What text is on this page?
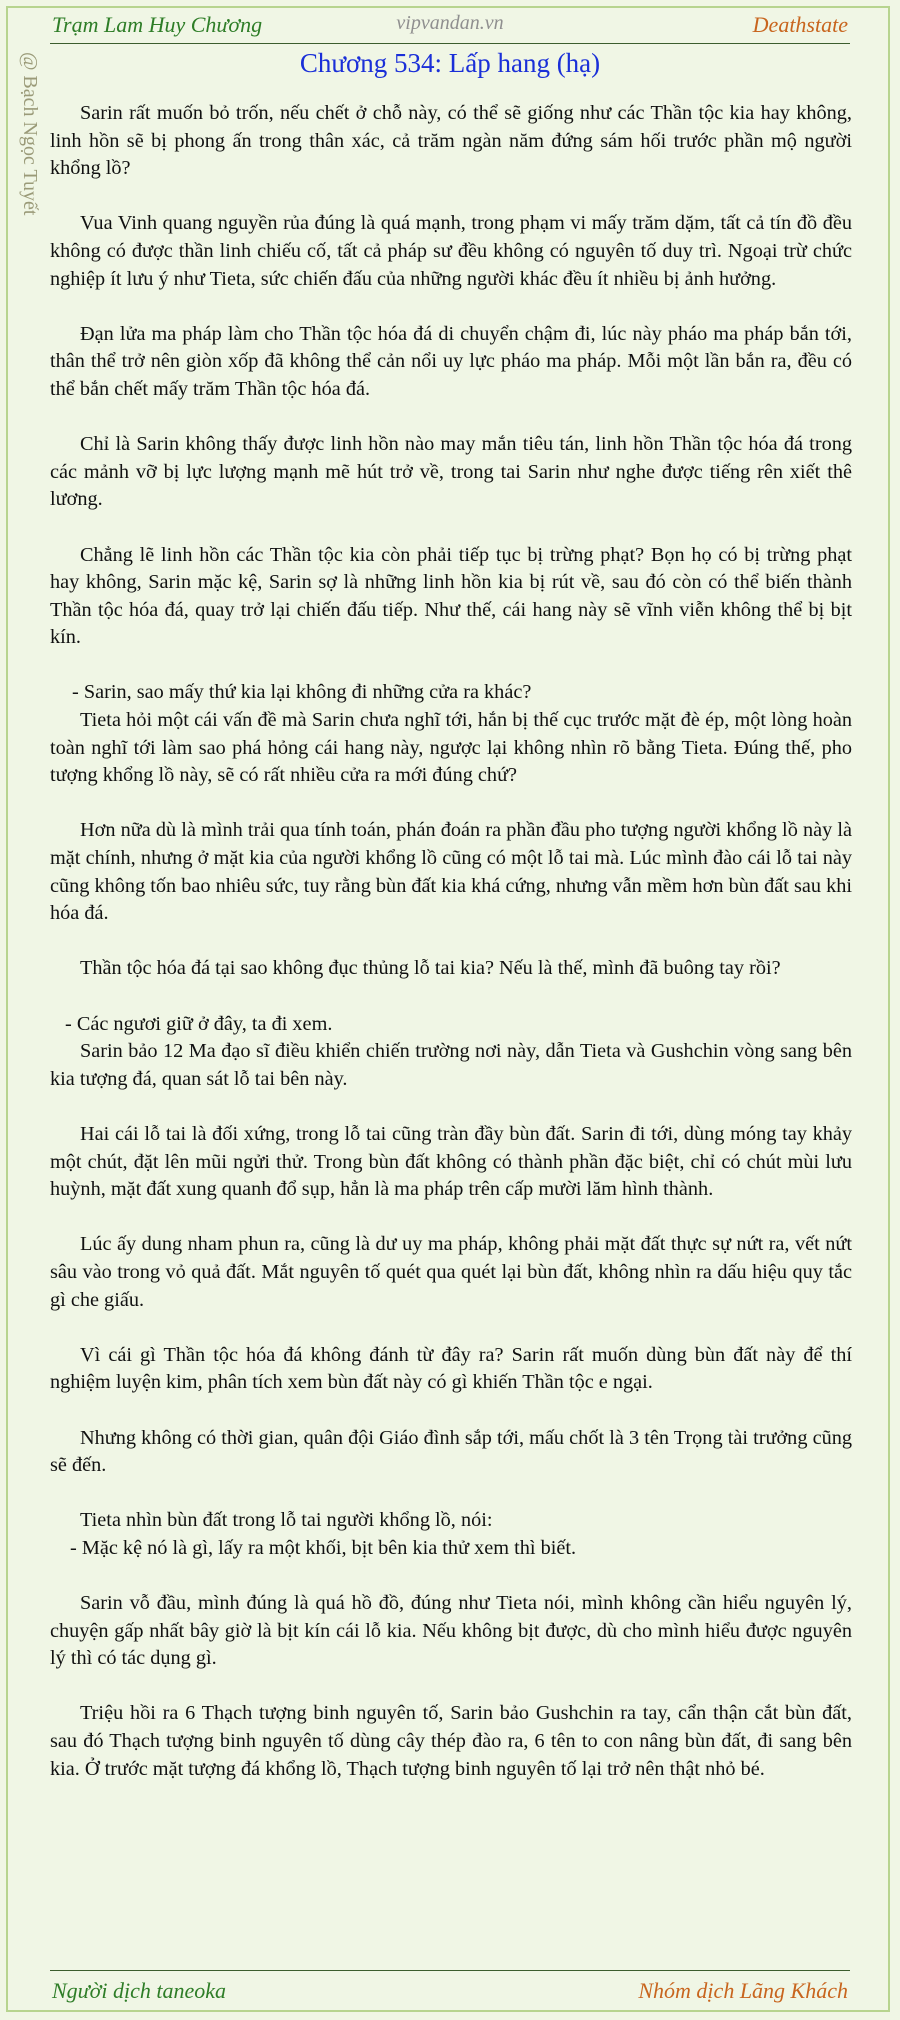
Trạm Lam Huy Chương	vipvandan.vn	Deathstate
@ Bạch Ngọc Tuyết	Chương 534: Lấp hang (hạ)

Sarin rất muốn bỏ trốn, nếu chết ở chỗ này, có thể sẽ giống như các Thần tộc kia hay không, linh hồn sẽ bị phong ấn trong thân xác, cả trăm ngàn năm đứng sám hối trước phần mộ người khổng lồ?

Vua Vinh quang nguyền rủa đúng là quá mạnh, trong phạm vi mấy trăm dặm, tất cả tín đồ đều không có được thần linh chiếu cố, tất cả pháp sư đều không có nguyên tố duy trì. Ngoại trừ chức nghiệp ít lưu ý như Tieta, sức chiến đấu của những người khác đều ít nhiều bị ảnh hưởng.

Đạn lửa ma pháp làm cho Thần tộc hóa đá di chuyển chậm đi, lúc này pháo ma pháp bắn tới, thân thể trở nên giòn xốp đã không thể cản nổi uy lực pháo ma pháp. Mỗi một lần bắn ra, đều có thể bắn chết mấy trăm Thần tộc hóa đá.

Chỉ là Sarin không thấy được linh hồn nào may mắn tiêu tán, linh hồn Thần tộc hóa đá trong các mảnh vỡ bị lực lượng mạnh mẽ hút trở về, trong tai Sarin như nghe được tiếng rên xiết thê lương.

Chẳng lẽ linh hồn các Thần tộc kia còn phải tiếp tục bị trừng phạt? Bọn họ có bị trừng phạt hay không, Sarin mặc kệ, Sarin sợ là những linh hồn kia bị rút về, sau đó còn có thể biến thành Thần tộc hóa đá, quay trở lại chiến đấu tiếp. Như thế, cái hang này sẽ vĩnh viễn không thể bị bịt kín.

- Sarin, sao mấy thứ kia lại không đi những cửa ra khác?

Tieta hỏi một cái vấn đề mà Sarin chưa nghĩ tới, hắn bị thế cục trước mặt đè ép, một lòng hoàn toàn nghĩ tới làm sao phá hỏng cái hang này, ngược lại không nhìn rõ bằng Tieta. Đúng thế, pho tượng khổng lồ này, sẽ có rất nhiều cửa ra mới đúng chứ?

Hơn nữa dù là mình trải qua tính toán, phán đoán ra phần đầu pho tượng người khổng lồ này là mặt chính, nhưng ở mặt kia của người khổng lồ cũng có một lỗ tai mà. Lúc mình đào cái lỗ tai này cũng không tốn bao nhiêu sức, tuy rằng bùn đất kia khá cứng, nhưng vẫn mềm hơn bùn đất sau khi hóa đá.

Thần tộc hóa đá tại sao không đục thủng lỗ tai kia? Nếu là thế, mình đã buông tay rồi?

- Các ngươi giữ ở đây, ta đi xem.

Sarin bảo 12 Ma đạo sĩ điều khiển chiến trường nơi này, dẫn Tieta và Gushchin vòng sang bên kia tượng đá, quan sát lỗ tai bên này.

Hai cái lỗ tai là đối xứng, trong lỗ tai cũng tràn đầy bùn đất. Sarin đi tới, dùng móng tay khảy một chút, đặt lên mũi ngửi thử. Trong bùn đất không có thành phần đặc biệt, chỉ có chút mùi lưu huỳnh, mặt đất xung quanh đổ sụp, hẳn là ma pháp trên cấp mười lăm hình thành.

Lúc ấy dung nham phun ra, cũng là dư uy ma pháp, không phải mặt đất thực sự nứt ra, vết nứt sâu vào trong vỏ quả đất. Mắt nguyên tố quét qua quét lại bùn đất, không nhìn ra dấu hiệu quy tắc gì che giấu.

Vì cái gì Thần tộc hóa đá không đánh từ đây ra? Sarin rất muốn dùng bùn đất này để thí nghiệm luyện kim, phân tích xem bùn đất này có gì khiến Thần tộc e ngại.

Nhưng không có thời gian, quân đội Giáo đình sắp tới, mấu chốt là 3 tên Trọng tài trưởng cũng sẽ đến.

Tieta nhìn bùn đất trong lỗ tai người khổng lồ, nói:

- Mặc kệ nó là gì, lấy ra một khối, bịt bên kia thử xem thì biết.

Sarin vỗ đầu, mình đúng là quá hồ đồ, đúng như Tieta nói, mình không cần hiểu nguyên lý, chuyện gấp nhất bây giờ là bịt kín cái lỗ kia. Nếu không bịt được, dù cho mình hiểu được nguyên lý thì có tác dụng gì.

Triệu hồi ra 6 Thạch tượng binh nguyên tố, Sarin bảo Gushchin ra tay, cẩn thận cắt bùn đất, sau đó Thạch tượng binh nguyên tố dùng cây thép đào ra, 6 tên to con nâng bùn đất, đi sang bên kia. Ở trước mặt tượng đá khổng lồ, Thạch tượng binh nguyên tố lại trở nên thật nhỏ bé.

Người dịch taneoka	Nhóm dịch Lãng Khách
